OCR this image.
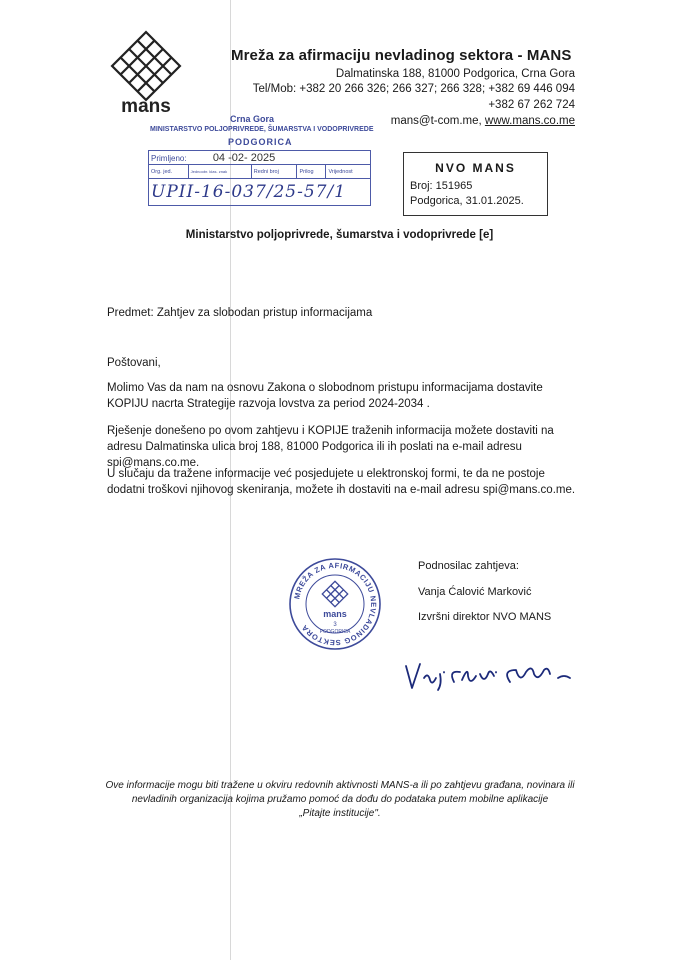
mans
Mreža za afirmaciju nevladinog sektora - MANS
Dalmatinska 188, 81000 Podgorica, Crna Gora
Tel/Mob: +382 20 266 326; 266 327; 266 328; +382 69 446 094
+382 67 262 724
mans@t-com.me, www.mans.co.me
Crna Gora
MINISTARSTVO POLJOPRIVREDE, ŠUMARSTVA I VODOPRIVREDE
PODGORICA
Primljeno: 04 -02- 2025
Org. jed.	Jednoobr. klas. znak	Redni broj	Prilog	Vrijednost
UPII-16-037/25-57/1
NVO MANS
Broj: 151965
Podgorica, 31.01.2025.
Ministarstvo poljoprivrede, šumarstva i vodoprivrede [e]
Predmet: Zahtjev za slobodan pristup informacijama
Poštovani,
Molimo Vas da nam na osnovu Zakona o slobodnom pristupu informacijama dostavite KOPIJU nacrta Strategije razvoja lovstva za period 2024-2034 .
Rješenje donešeno po ovom zahtjevu i KOPIJE traženih informacija možete dostaviti na adresu Dalmatinska ulica broj 188, 81000 Podgorica ili ih poslati na e-mail adresu spi@mans.co.me.
U slučaju da tražene informacije već posjedujete u elektronskoj formi, te da ne postoje dodatni troškovi njihovog skeniranja, možete ih dostaviti na e-mail adresu spi@mans.co.me.
Podnosilac zahtjeva:
Vanja Ćalović Marković
Izvršni direktor NVO MANS
MREŽA ZA AFIRMACIJU NEVLADINOG SEKTORA
mans
3
PODGORICA
Ove informacije mogu biti tražene u okviru redovnih aktivnosti MANS-a ili po zahtjevu građana, novinara ili
nevladinih organizacija kojima pružamo pomoć da dođu do podataka putem mobilne aplikacije
„Pitajte institucije".
